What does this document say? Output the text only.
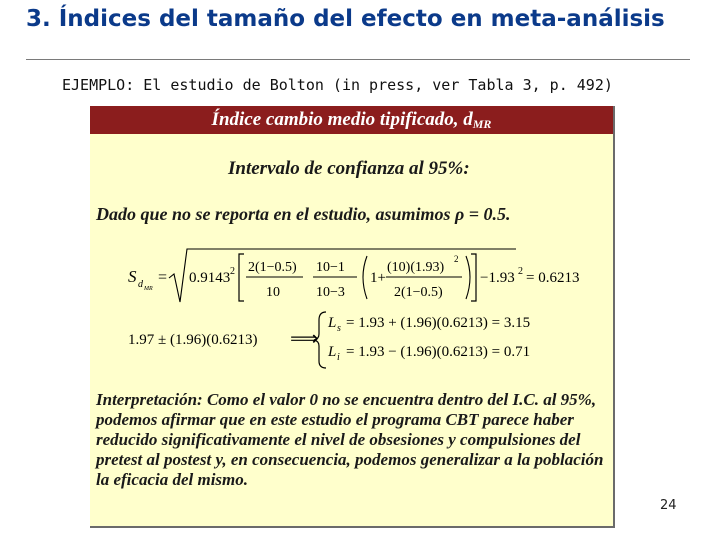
3. Índices del tamaño del efecto en meta-análisis
EJEMPLO: El estudio de Bolton (in press, ver Tabla 3, p. 492)
Índice cambio medio tipificado, $d_{MR}$
Intervalo de confianza al 95%:
Dado que no se reporta en el estudio, asumimos ρ = 0.5.
S d MR
= 0.9143 2 2(1−0.5)
10
10−1
10−3
1+
(10)(1.93)
2
2(1−0.5)
−1.93 2 = 0.6213
1.97 ± (1.96)(0.6213) ⟹
L s = 1.93 + (1.96)(0.6213) = 3.15
L i = 1.93 − (1.96)(0.6213) = 0.71
Interpretación: Como el valor 0 no se encuentra dentro del I.C. al 95%, podemos afirmar que en este estudio el programa CBT parece haber reducido significativamente el nivel de obsesiones y compulsiones del pretest al postest y, en consecuencia, podemos generalizar a la población la eficacia del mismo.
24
